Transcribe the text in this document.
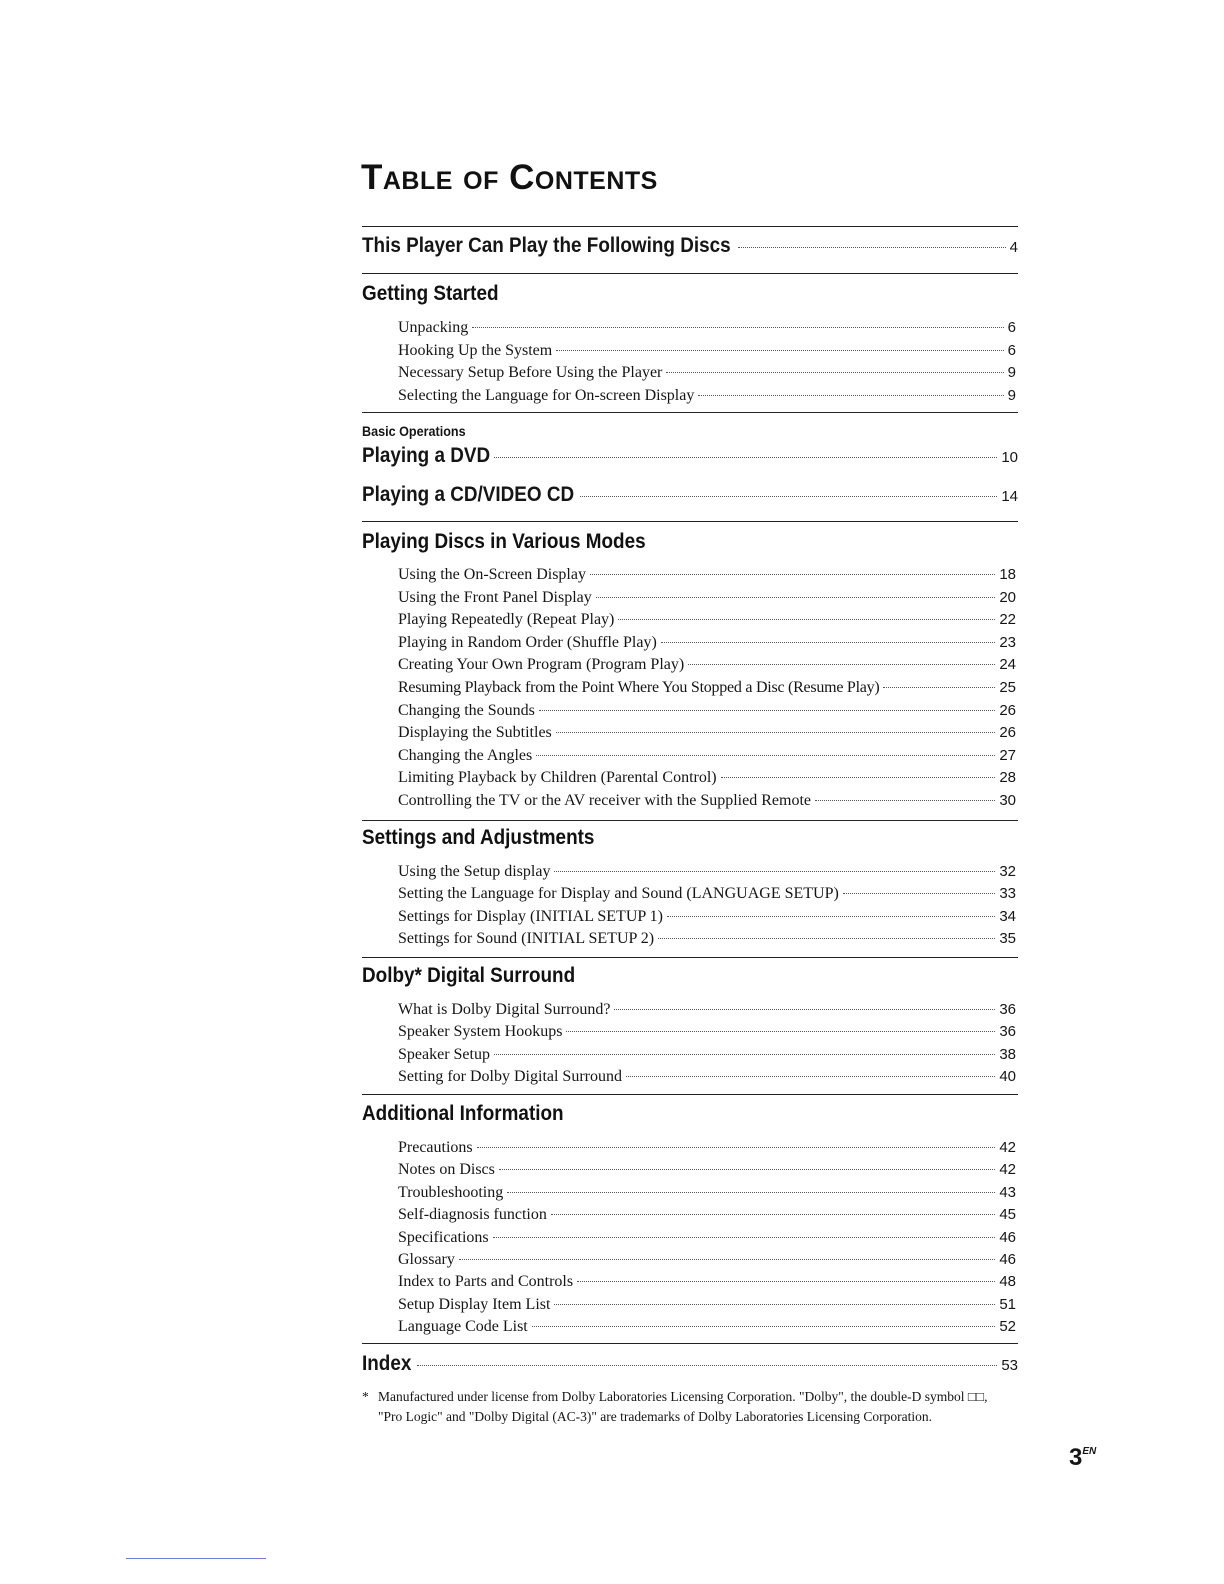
Table of Contents
This Player Can Play the Following Discs	4
Getting Started
Unpacking	6
Hooking Up the System	6
Necessary Setup Before Using the Player	9
Selecting the Language for On-screen Display	9
Basic Operations
Playing a DVD	10
Playing a CD/VIDEO CD	14
Playing Discs in Various Modes
Using the On-Screen Display	18
Using the Front Panel Display	20
Playing Repeatedly (Repeat Play)	22
Playing in Random Order (Shuffle Play)	23
Creating Your Own Program (Program Play)	24
Resuming Playback from the Point Where You Stopped a Disc (Resume Play)	25
Changing the Sounds	26
Displaying the Subtitles	26
Changing the Angles	27
Limiting Playback by Children (Parental Control)	28
Controlling the TV or the AV receiver with the Supplied Remote	30
Settings and Adjustments
Using the Setup display	32
Setting the Language for Display and Sound (LANGUAGE SETUP)	33
Settings for Display (INITIAL SETUP 1)	34
Settings for Sound (INITIAL SETUP 2)	35
Dolby* Digital Surround
What is Dolby Digital Surround?	36
Speaker System Hookups	36
Speaker Setup	38
Setting for Dolby Digital Surround	40
Additional Information
Precautions	42
Notes on Discs	42
Troubleshooting	43
Self-diagnosis function	45
Specifications	46
Glossary	46
Index to Parts and Controls	48
Setup Display Item List	51
Language Code List	52
Index	53
* Manufactured under license from Dolby Laboratories Licensing Corporation. "Dolby", the double-D symbol □□, "Pro Logic" and "Dolby Digital (AC-3)" are trademarks of Dolby Laboratories Licensing Corporation.
$3^{EN}$
